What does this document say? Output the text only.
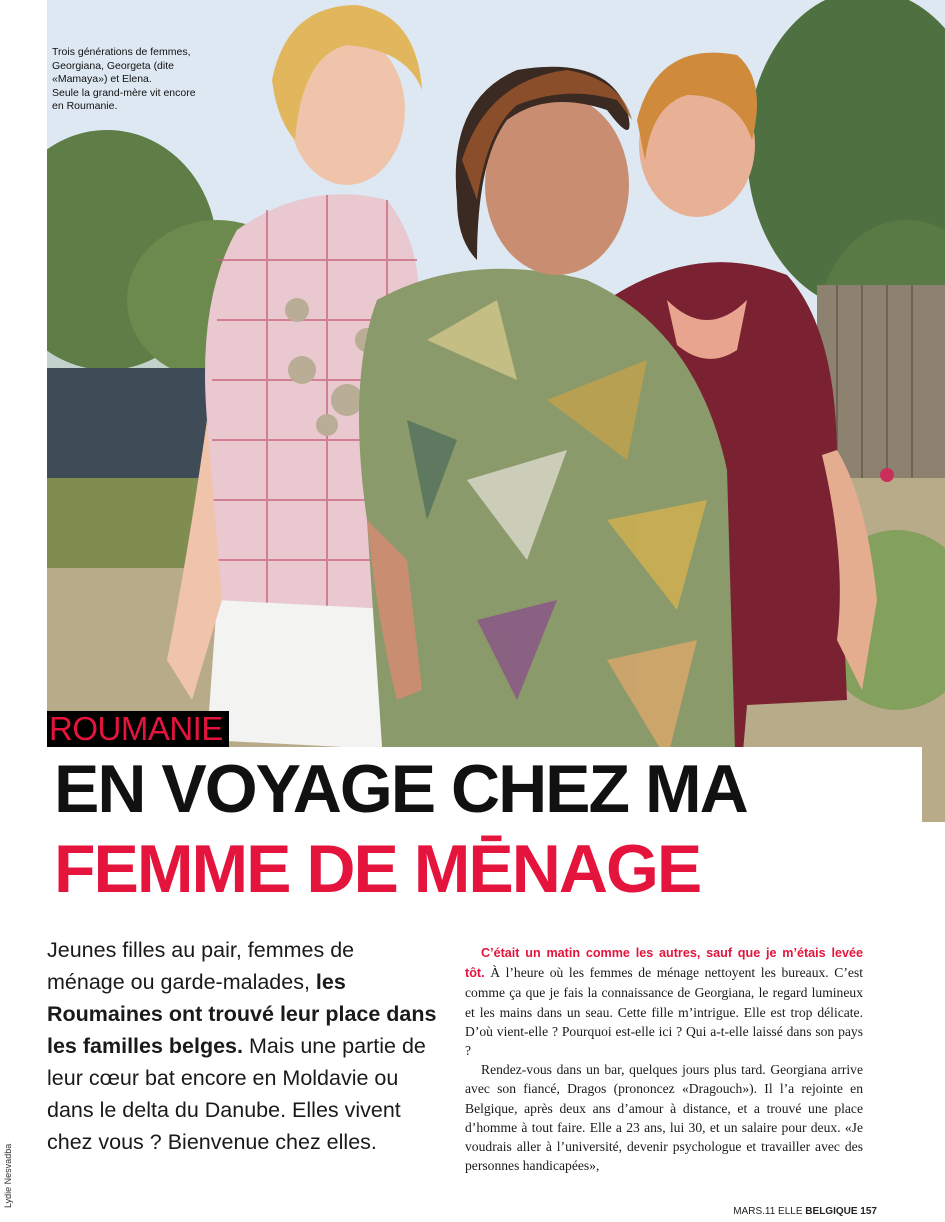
Trois générations de femmes,
Georgiana, Georgeta (dite
«Mamaya») et Elena.
Seule la grand-mère vit encore
en Roumanie.
ROUMANIE
EN VOYAGE CHEZ MA
FEMME DE MĒNAGE
Jeunes filles au pair, femmes de ménage ou garde-malades, les Roumaines ont trouvé leur place dans les familles belges. Mais une partie de leur cœur bat encore en Moldavie ou dans le delta du Danube. Elles vivent chez vous ? Bienvenue chez elles.

C’était un matin comme les autres, sauf que je m’étais levée tôt. À l’heure où les femmes de ménage nettoyent les bureaux. C’est comme ça que je fais la connaissance de Georgiana, le regard lumineux et les mains dans un seau. Cette fille m’intrigue. Elle est trop délicate. D’où vient-elle ? Pourquoi est-elle ici ? Qui a-t-elle laissé dans son pays ?

Rendez-vous dans un bar, quelques jours plus tard. Georgiana arrive avec son fiancé, Dragos (prononcez «Dragouch»). Il l’a rejointe en Belgique, après deux ans d’amour à distance, et a trouvé une place d’homme à tout faire. Elle a 23 ans, lui 30, et un salaire pour deux. «Je voudrais aller à l’université, devenir psychologue et travailler avec des personnes handicapées»,

MARS.11 ELLE BELGIQUE 157
Lydie Nesvadba
